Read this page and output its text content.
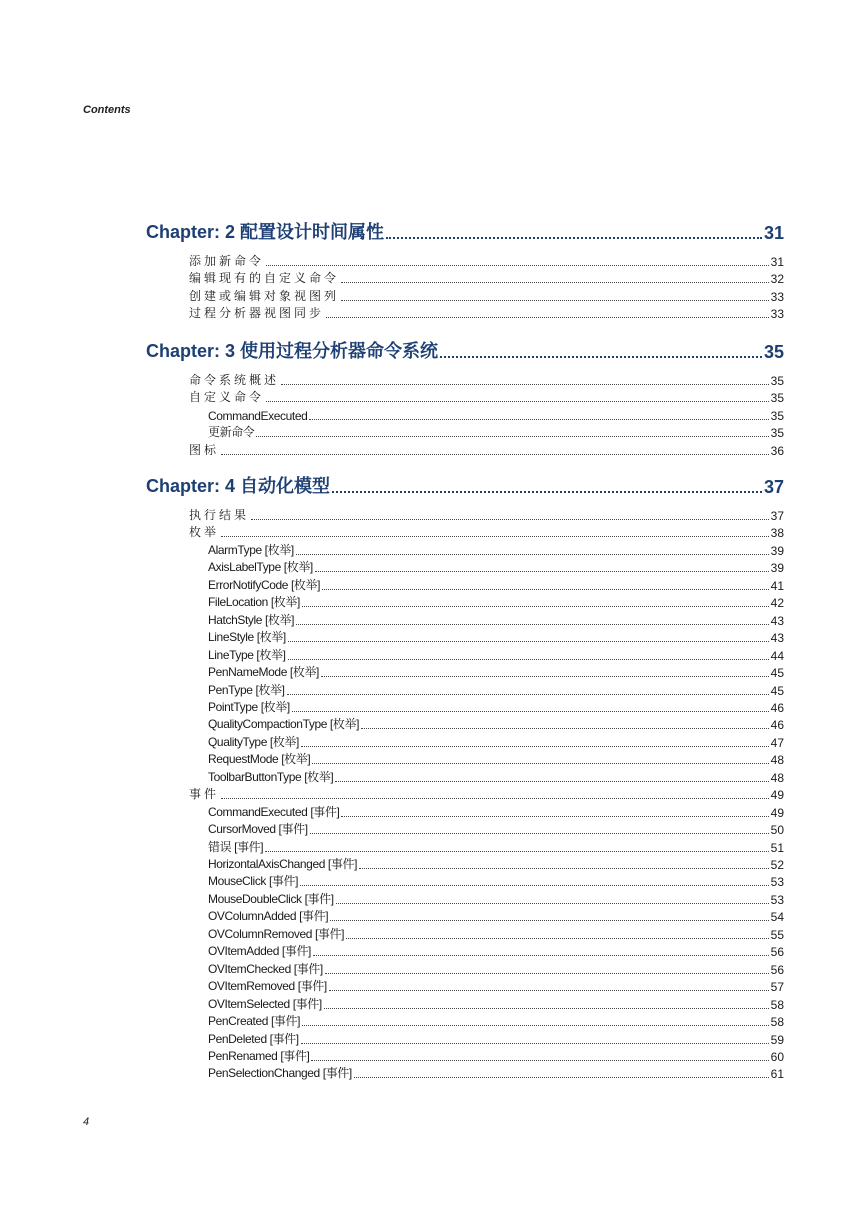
Contents
Chapter: 2 配置设计时间属性	31
添加新命令	31
编辑现有的自定义命令	32
创建或编辑对象视图列	33
过程分析器视图同步	33
Chapter: 3 使用过程分析器命令系统	35
命令系统概述	35
自定义命令	35
CommandExecuted	35
更新命令	35
图标	36
Chapter: 4 自动化模型	37
执行结果	37
枚举	38
AlarmType [枚举]	39
AxisLabelType [枚举]	39
ErrorNotifyCode [枚举]	41
FileLocation [枚举]	42
HatchStyle [枚举]	43
LineStyle [枚举]	43
LineType [枚举]	44
PenNameMode [枚举]	45
PenType [枚举]	45
PointType [枚举]	46
QualityCompactionType [枚举]	46
QualityType [枚举]	47
RequestMode [枚举]	48
ToolbarButtonType [枚举]	48
事件	49
CommandExecuted [事件]	49
CursorMoved [事件]	50
错误 [事件]	51
HorizontalAxisChanged [事件]	52
MouseClick [事件]	53
MouseDoubleClick [事件]	53
OVColumnAdded [事件]	54
OVColumnRemoved [事件]	55
OVItemAdded [事件]	56
OVItemChecked [事件]	56
OVItemRemoved [事件]	57
OVItemSelected [事件]	58
PenCreated [事件]	58
PenDeleted [事件]	59
PenRenamed [事件]	60
PenSelectionChanged [事件]	61
4
